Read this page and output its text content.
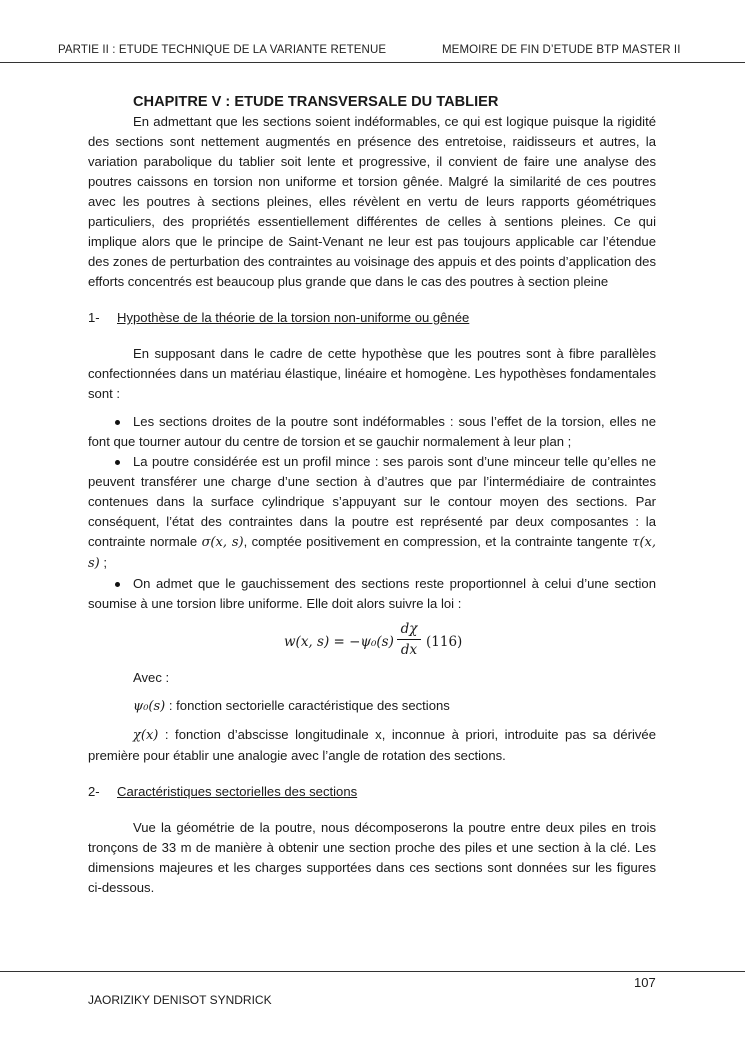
PARTIE II : ETUDE TECHNIQUE DE LA VARIANTE RETENUE	MEMOIRE DE FIN D’ETUDE BTP MASTER II
CHAPITRE V : ETUDE TRANSVERSALE DU TABLIER

En admettant que les sections soient indéformables, ce qui est logique puisque la rigidité des sections sont nettement augmentés en présence des entretoise, raidisseurs et autres, la variation parabolique du tablier soit lente et progressive, il convient de faire une analyse des poutres caissons en torsion non uniforme et torsion gênée. Malgré la similarité de ces poutres avec les poutres à sections pleines, elles révèlent en vertu de leurs rapports géométriques particuliers, des propriétés essentiellement différentes de celles à sentions pleines. Ce qui implique alors que le principe de Saint-Venant ne leur est pas toujours applicable car l’étendue des zones de perturbation des contraintes au voisinage des appuis et des points d’application des efforts concentrés est beaucoup plus grande que dans le cas des poutres à section pleine

1-	Hypothèse de la théorie de la torsion non-uniforme ou gênée

En supposant dans le cadre de cette hypothèse que les poutres sont à fibre parallèles confectionnées dans un matériau élastique, linéaire et homogène. Les hypothèses fondamentales sont :

Les sections droites de la poutre sont indéformables : sous l’effet de la torsion, elles ne font que tourner autour du centre de torsion et se gauchir normalement à leur plan ;

La poutre considérée est un profil mince : ses parois sont d’une minceur telle qu’elles ne peuvent transférer une charge d’une section à d’autres que par l’intermédiaire de contraintes contenues dans la surface cylindrique s’appuyant sur le contour moyen des sections. Par conséquent, l’état des contraintes dans la poutre est représenté par deux composantes : la contrainte normale σ(x, s), comptée positivement en compression, et la contrainte tangente τ(x, s) ;

On admet que le gauchissement des sections reste proportionnel à celui d’une section soumise à une torsion libre uniforme. Elle doit alors suivre la loi :

w(x, s) = −ψ₀(s)
dχ
dx (116)

Avec :

ψ₀(s) : fonction sectorielle caractéristique des sections

χ(x) : fonction d’abscisse longitudinale x, inconnue à priori, introduite pas sa dérivée première pour établir une analogie avec l’angle de rotation des sections.

2-	Caractéristiques sectorielles des sections

Vue la géométrie de la poutre, nous décomposerons la poutre entre deux piles en trois tronçons de 33 m de manière à obtenir une section proche des piles et une section à la clé. Les dimensions majeures et les charges supportées dans ces sections sont données sur les figures ci-dessous.

107
JAORIZIKY DENISOT SYNDRICK
